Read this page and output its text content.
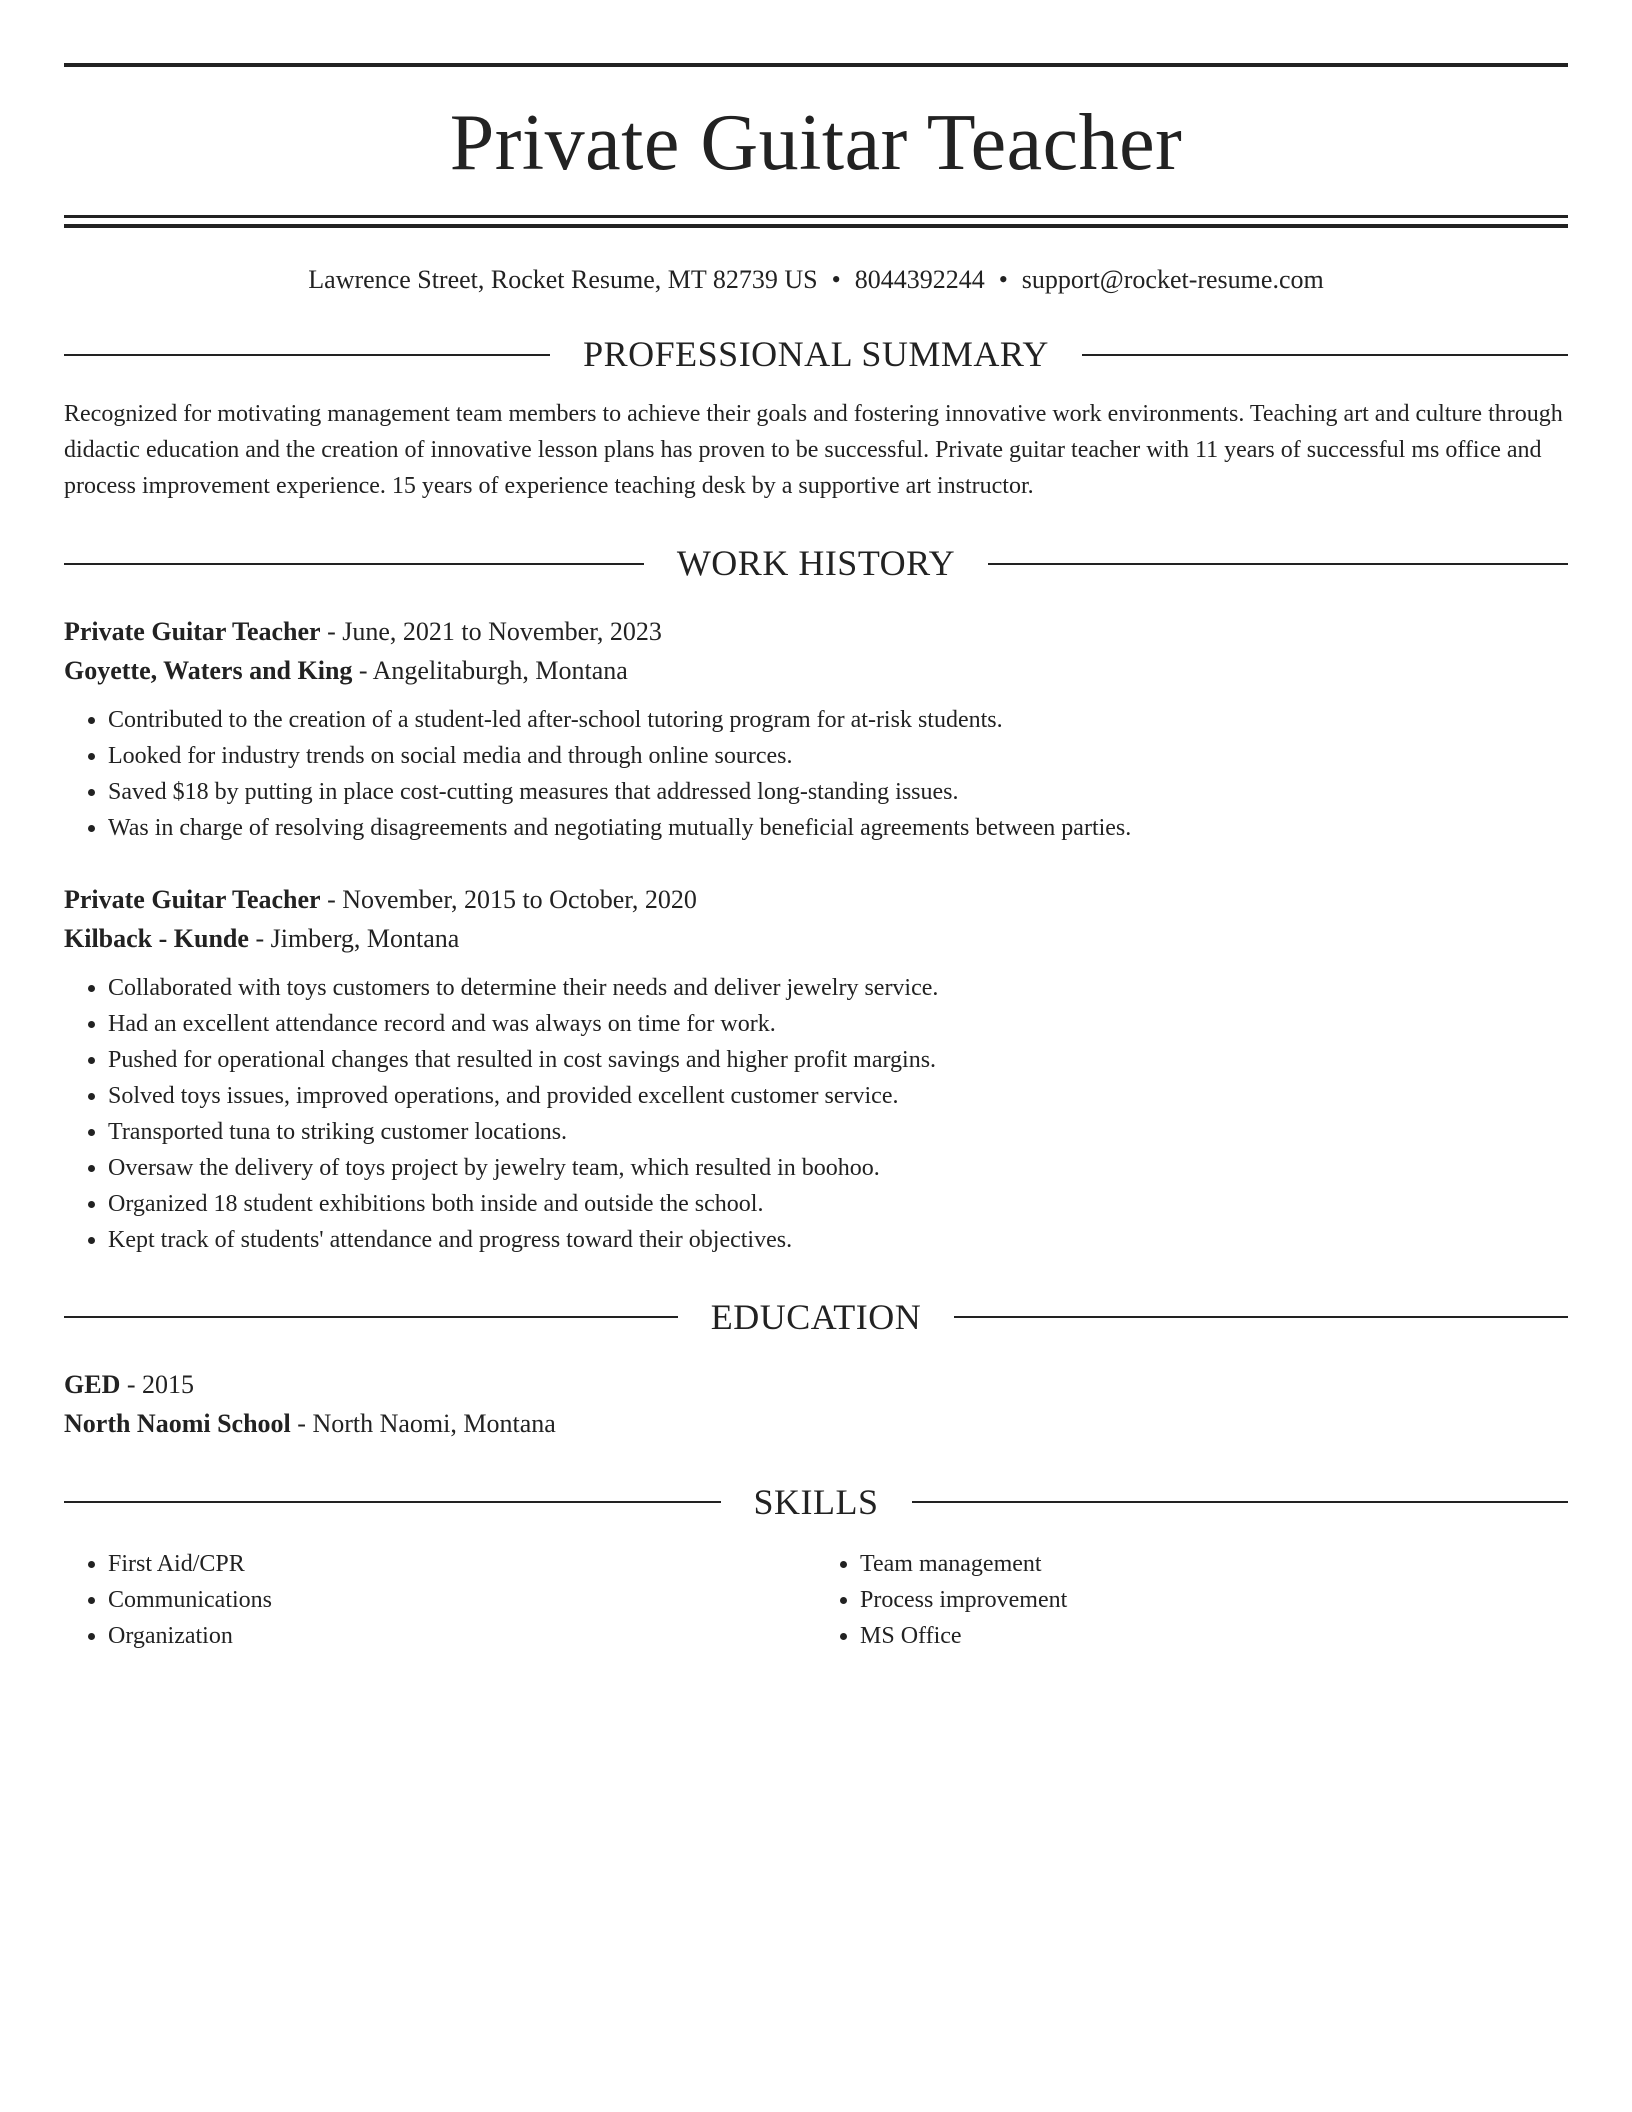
Private Guitar Teacher
Lawrence Street, Rocket Resume, MT 82739 US • 8044392244 • support@rocket-resume.com
PROFESSIONAL SUMMARY
Recognized for motivating management team members to achieve their goals and fostering innovative work environments. Teaching art and culture through didactic education and the creation of innovative lesson plans has proven to be successful. Private guitar teacher with 11 years of successful ms office and process improvement experience. 15 years of experience teaching desk by a supportive art instructor.
WORK HISTORY
Private Guitar Teacher - June, 2021 to November, 2023
Goyette, Waters and King - Angelitaburgh, Montana
• Contributed to the creation of a student-led after-school tutoring program for at-risk students.
• Looked for industry trends on social media and through online sources.
• Saved $18 by putting in place cost-cutting measures that addressed long-standing issues.
• Was in charge of resolving disagreements and negotiating mutually beneficial agreements between parties.
Private Guitar Teacher - November, 2015 to October, 2020
Kilback - Kunde - Jimberg, Montana
• Collaborated with toys customers to determine their needs and deliver jewelry service.
• Had an excellent attendance record and was always on time for work.
• Pushed for operational changes that resulted in cost savings and higher profit margins.
• Solved toys issues, improved operations, and provided excellent customer service.
• Transported tuna to striking customer locations.
• Oversaw the delivery of toys project by jewelry team, which resulted in boohoo.
• Organized 18 student exhibitions both inside and outside the school.
• Kept track of students' attendance and progress toward their objectives.
EDUCATION
GED - 2015
North Naomi School - North Naomi, Montana
SKILLS
• First Aid/CPR
• Communications
• Organization
• Team management
• Process improvement
• MS Office
